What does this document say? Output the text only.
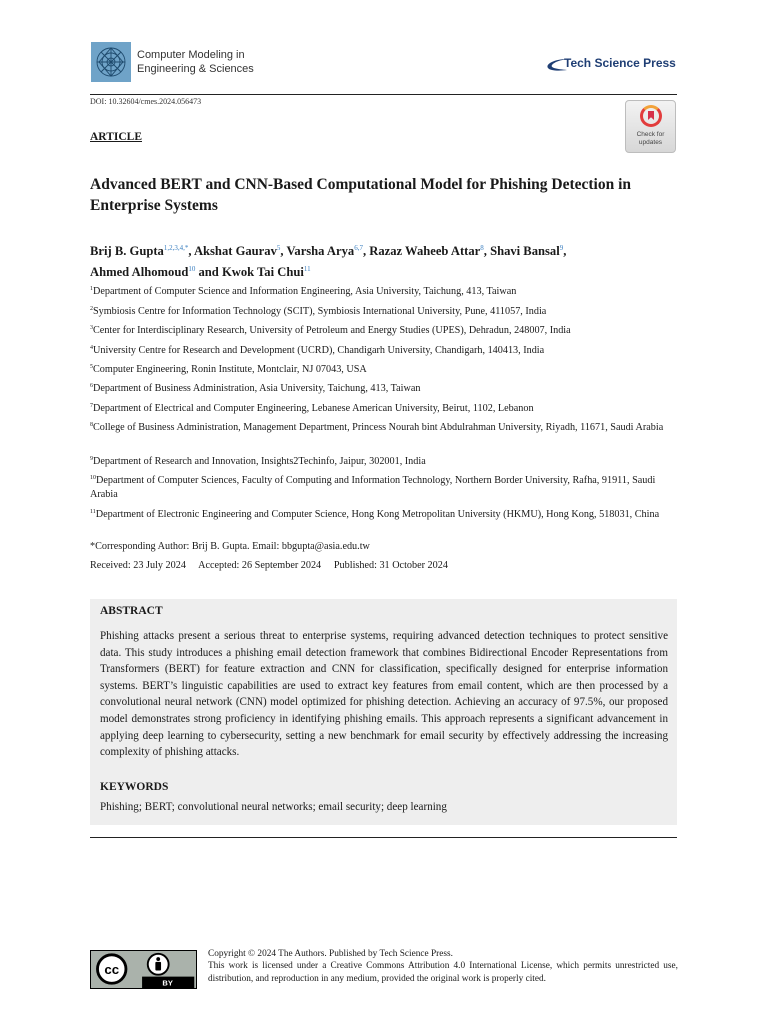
Computer Modeling in
Engineering & Sciences	Tech Science Press
DOI: 10.32604/cmes.2024.056473
ARTICLE	Check for
updates
Advanced BERT and CNN-Based Computational Model for Phishing Detection in Enterprise Systems
Brij B. Gupta$^{1,2,3,4,*}$, Akshat Gaurav$^5$, Varsha Arya$^{6,7}$, Razaz Waheeb Attar$^8$, Shavi Bansal$^9$,
Ahmed Alhomoud$^{10}$ and Kwok Tai Chui$^{11}$
$^1$Department of Computer Science and Information Engineering, Asia University, Taichung, 413, Taiwan
$^2$Symbiosis Centre for Information Technology (SCIT), Symbiosis International University, Pune, 411057, India
$^3$Center for Interdisciplinary Research, University of Petroleum and Energy Studies (UPES), Dehradun, 248007, India
$^4$University Centre for Research and Development (UCRD), Chandigarh University, Chandigarh, 140413, India
$^5$Computer Engineering, Ronin Institute, Montclair, NJ 07043, USA
$^6$Department of Business Administration, Asia University, Taichung, 413, Taiwan
$^7$Department of Electrical and Computer Engineering, Lebanese American University, Beirut, 1102, Lebanon
$^8$College of Business Administration, Management Department, Princess Nourah bint Abdulrahman University, Riyadh, 11671, Saudi Arabia
$^9$Department of Research and Innovation, Insights2Techinfo, Jaipur, 302001, India
$^{10}$Department of Computer Sciences, Faculty of Computing and Information Technology, Northern Border University, Rafha, 91911, Saudi Arabia
$^{11}$Department of Electronic Engineering and Computer Science, Hong Kong Metropolitan University (HKMU), Hong Kong, 518031, China
*Corresponding Author: Brij B. Gupta. Email: bbgupta@asia.edu.tw
Received: 23 July 2024 Accepted: 26 September 2024 Published: 31 October 2024
ABSTRACT
Phishing attacks present a serious threat to enterprise systems, requiring advanced detection techniques to protect sensitive data. This study introduces a phishing email detection framework that combines Bidirectional Encoder Representations from Transformers (BERT) for feature extraction and CNN for classification, specifically designed for enterprise information systems. BERT’s linguistic capabilities are used to extract key features from email content, which are then processed by a convolutional neural network (CNN) model optimized for phishing detection. Achieving an accuracy of 97.5%, our proposed model demonstrates strong proficiency in identifying phishing emails. This approach represents a significant advancement in applying deep learning to cybersecurity, setting a new benchmark for email security by effectively addressing the increasing complexity of phishing attacks.
KEYWORDS
Phishing; BERT; convolutional neural networks; email security; deep learning
cc
BY
Copyright © 2024 The Authors. Published by Tech Science Press.
This work is licensed under a Creative Commons Attribution 4.0 International License, which permits unrestricted use, distribution, and reproduction in any medium, provided the original work is properly cited.
